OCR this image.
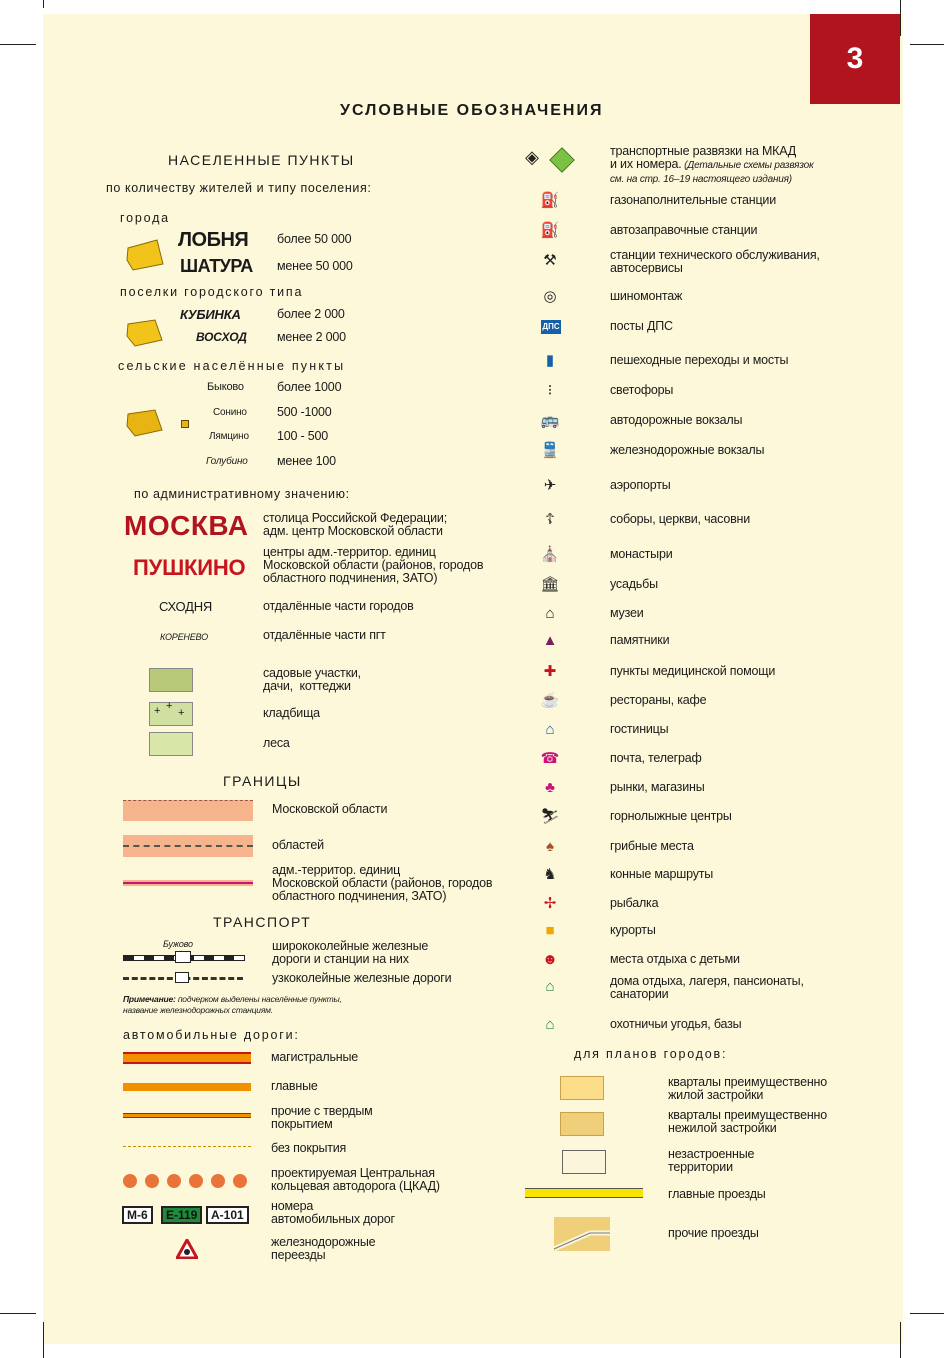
3
УСЛОВНЫЕ ОБОЗНАЧЕНИЯ
НАСЕЛЕННЫЕ ПУНКТЫ
по количеству жителей и типу поселения:
города
ЛОБНЯ более 50 000
ШАТУРА менее 50 000
поселки городского типа
КУБИНКА	более 2 000
ВОСХОД менее 2 000
сельские населённые пункты
Быково	более 1000
Сонино 500 -1000
Лямцино 100 - 500
Голубино менее 100
по административному значению:
МОСКВА столица Российской Федерации;
адм. центр Московской области
ПУШКИНО
центры адм.-территор. единиц
Московской области (районов, городов
областного подчинения, ЗАТО)
СХОДНЯ	отдалённые части городов
КОРЕНЕВО	отдалённые части пгт
садовые участки,
дачи,  коттеджи
+ +
+	кладбища
леса
ГРАНИЦЫ
Московской области
областей
адм.-территор. единиц
Московской области (районов, городов
областного подчинения, ЗАТО)
ТРАНСПОРТ
Бужово	ширококолейные железные
дороги и станции на них
узкоколейные железные дороги
Примечание: подчерком выделены населённые пункты,
название железнодорожных станциям.
автомобильные дороги:
магистральные
главные
прочие с твердым
покрытием
без покрытия
проектируемая Центральная
кольцевая автодорога (ЦКАД)
М-6	Е-119	А-101
номера
автомобильных дорог
железнодорожные
переезды
◈	транспортные развязки на МКАД
и их номера. (Детальные схемы развязок
см. на стр. 16–19 настоящего издания)
⛽	газонаполнительные станции
⛽	автозаправочные станции
⚒	станции технического обслуживания,
автосервисы
◎	шиномонтаж
ДПС	посты ДПС
▮	пешеходные переходы и мосты
⁝	светофоры
🚌	автодорожные вокзалы
🚆	железнодорожные вокзалы
✈	аэропорты
☦	соборы, церкви, часовни
⛪	монастыри
🏛	усадьбы
⌂	музеи
▲	памятники
✚	пункты медицинской помощи
☕	рестораны, кафе
⌂	гостиницы
☎	почта, телеграф
♣	рынки, магазины
⛷	горнолыжные центры
♠	грибные места
♞	конные маршруты
✢	рыбалка
■	курорты
☻	места отдыха с детьми
⌂	дома отдыха, лагеря, пансионаты,
санатории
⌂	охотничьи угодья, базы
для планов городов:
кварталы преимущественно
жилой застройки
кварталы преимущественно
нежилой застройки
незастроенные
территории
главные проезды
прочие проезды
